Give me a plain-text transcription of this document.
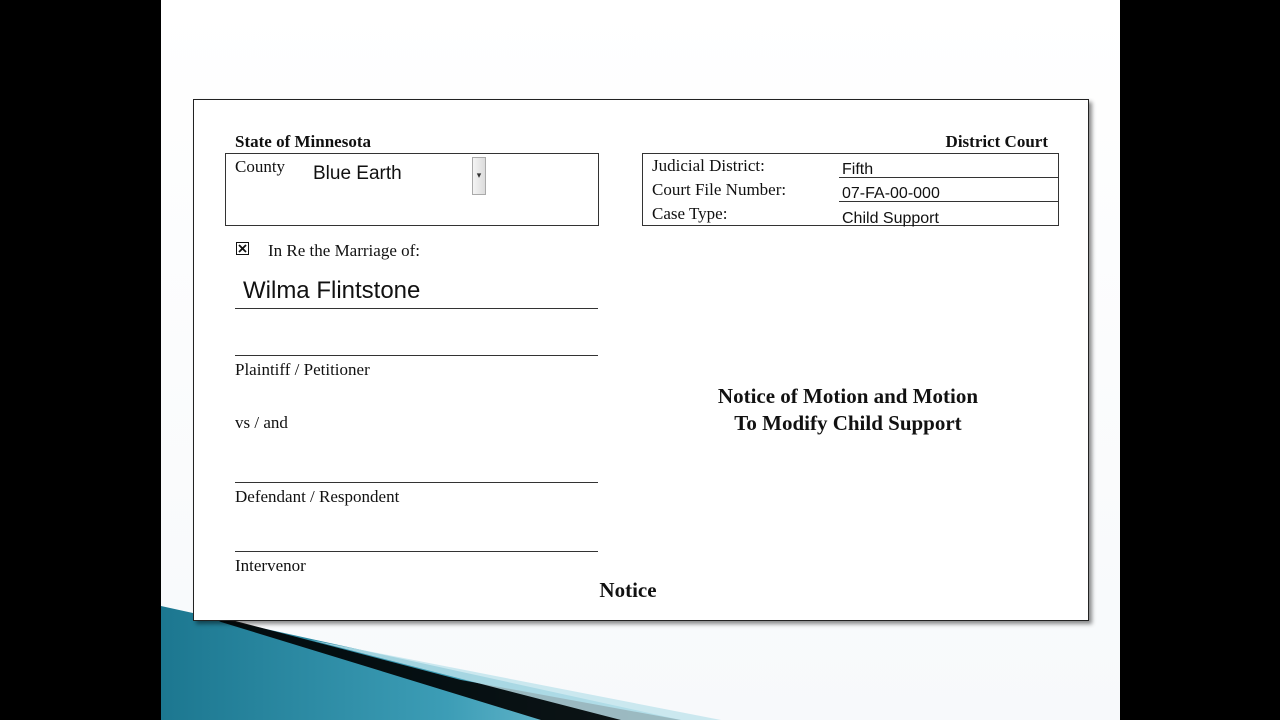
State of Minnesota	District Court
County Blue Earth	▾
Judicial District:	Fifth
Court File Number:	07-FA-00-000
Case Type:	Child Support
In Re the Marriage of:
Wilma Flintstone
Plaintiff / Petitioner
vs / and
Defendant / Respondent
Intervenor
Notice of Motion and Motion
To Modify Child Support
Notice
